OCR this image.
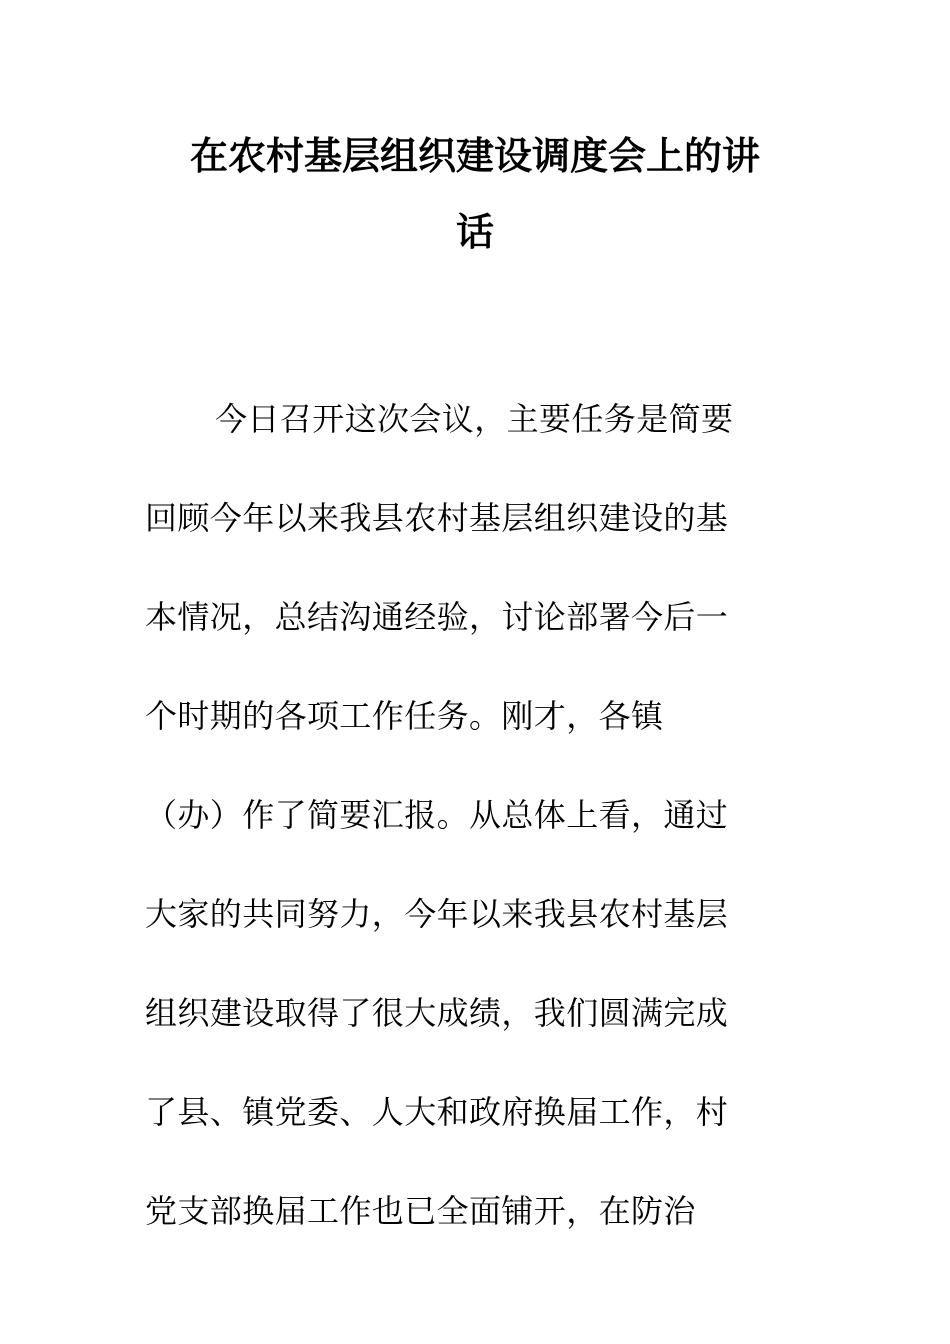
在农村基层组织建设调度会上的讲
话
今日召开这次会议，主要任务是简要
回顾今年以来我县农村基层组织建设的基
本情况，总结沟通经验，讨论部署今后一
个时期的各项工作任务。刚才，各镇
（办）作了简要汇报。从总体上看，通过
大家的共同努力，今年以来我县农村基层
组织建设取得了很大成绩，我们圆满完成
了县、镇党委、人大和政府换届工作，村
党支部换届工作也已全面铺开，在防治
